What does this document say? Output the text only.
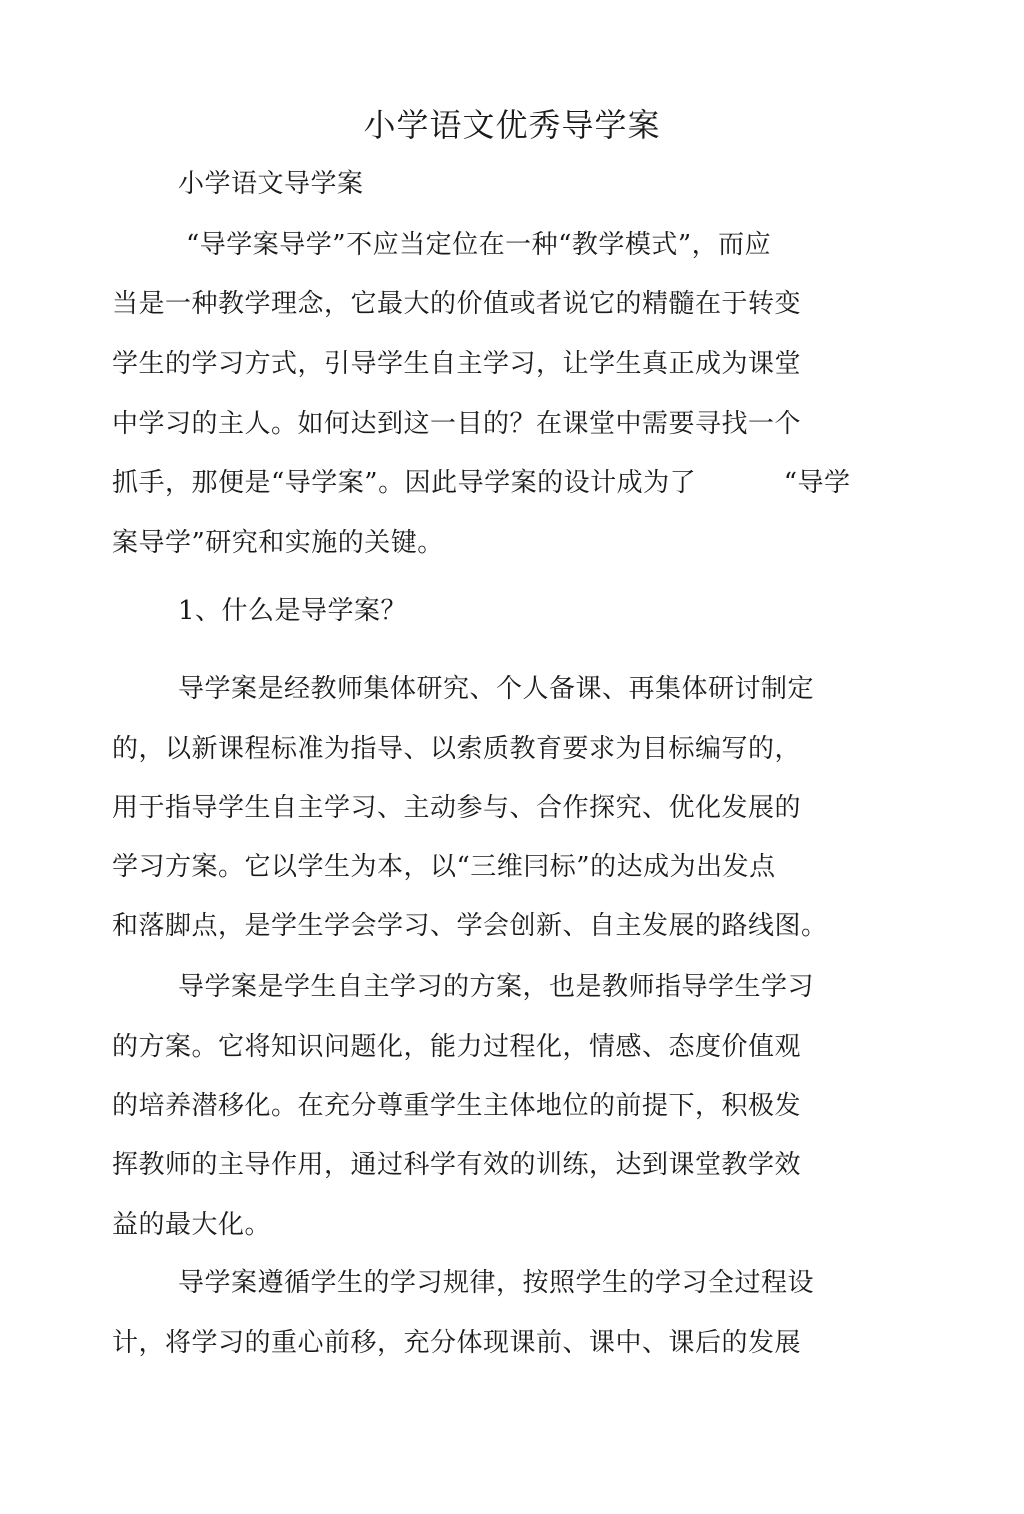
小学语文优秀导学案
小学语文导学案
“导学案导学”不应当定位在一种“教学模式”，而应
当是一种教学理念，它最大的价值或者说它的精髓在于转变
学生的学习方式，引导学生自主学习，让学生真正成为课堂
中学习的主人。如何达到这一目的？在课堂中需要寻找一个
抓手，那便是“导学案”。因此导学案的设计成为了          “导学
案导学”研究和实施的关键。
1、什么是导学案？
导学案是经教师集体研究、个人备课、再集体研讨制定
的，以新课程标准为指导、以索质教育要求为目标编写的，
用于指导学生自主学习、主动参与、合作探究、优化发展的
学习方案。它以学生为本，以“三维冃标”的达成为出发点
和落脚点，是学生学会学习、学会创新、自主发展的路线图。
导学案是学生自主学习的方案，也是教师指导学生学习
的方案。它将知识问题化，能力过程化，情感、态度价值观
的培养潜移化。在充分尊重学生主体地位的前提下，积极发
挥教师的主导作用，通过科学有效的训练，达到课堂教学效
益的最大化。
导学案遵循学生的学习规律，按照学生的学习全过程设
计，将学习的重心前移，充分体现课前、课中、课后的发展
